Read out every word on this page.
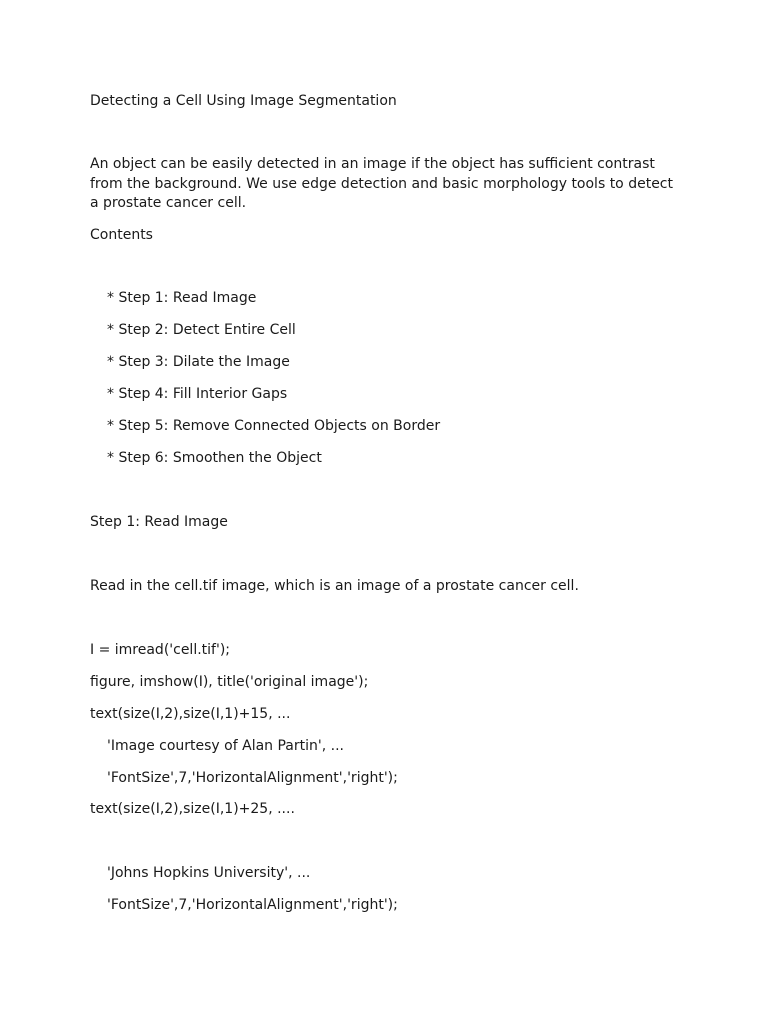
Detecting a Cell Using Image Segmentation
An object can be easily detected in an image if the object has sufficient contrast
from the background. We use edge detection and basic morphology tools to detect
a prostate cancer cell.
Contents
* Step 1: Read Image
* Step 2: Detect Entire Cell
* Step 3: Dilate the Image
* Step 4: Fill Interior Gaps
* Step 5: Remove Connected Objects on Border
* Step 6: Smoothen the Object
Step 1: Read Image
Read in the cell.tif image, which is an image of a prostate cancer cell.
I = imread('cell.tif');
figure, imshow(I), title('original image');
text(size(I,2),size(I,1)+15, ...
'Image courtesy of Alan Partin', ...
'FontSize',7,'HorizontalAlignment','right');
text(size(I,2),size(I,1)+25, ....
'Johns Hopkins University', ...
'FontSize',7,'HorizontalAlignment','right');
